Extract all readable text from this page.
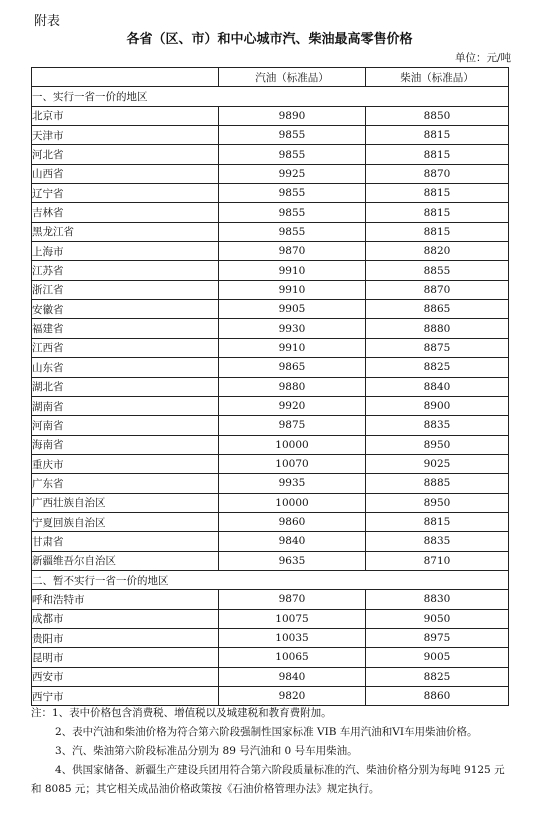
附表
各省（区、市）和中心城市汽、柴油最高零售价格
单位：元/吨
	汽油（标准品）	柴油（标准品）
一、实行一省一价的地区		
北京市	9890	8850
天津市	9855	8815
河北省	9855	8815
山西省	9925	8870
辽宁省	9855	8815
吉林省	9855	8815
黑龙江省	9855	8815
上海市	9870	8820
江苏省	9910	8855
浙江省	9910	8870
安徽省	9905	8865
福建省	9930	8880
江西省	9910	8875
山东省	9865	8825
湖北省	9880	8840
湖南省	9920	8900
河南省	9875	8835
海南省	10000	8950
重庆市	10070	9025
广东省	9935	8885
广西壮族自治区	10000	8950
宁夏回族自治区	9860	8815
甘肃省	9840	8835
新疆维吾尔自治区	9635	8710
二、暂不实行一省一价的地区		
呼和浩特市	9870	8830
成都市	10075	9050
贵阳市	10035	8975
昆明市	10065	9005
西安市	9840	8825
西宁市	9820	8860

注：1、表中价格包含消费税、增值税以及城建税和教育费附加。

2、表中汽油和柴油价格为符合第六阶段强制性国家标准 VIB 车用汽油和VI车用柴油价格。

3、汽、柴油第六阶段标准品分别为 89 号汽油和 0 号车用柴油。

4、供国家储备、新疆生产建设兵团用符合第六阶段质量标准的汽、柴油价格分别为每吨 9125 元和 8085 元；其它相关成品油价格政策按《石油价格管理办法》规定执行。
